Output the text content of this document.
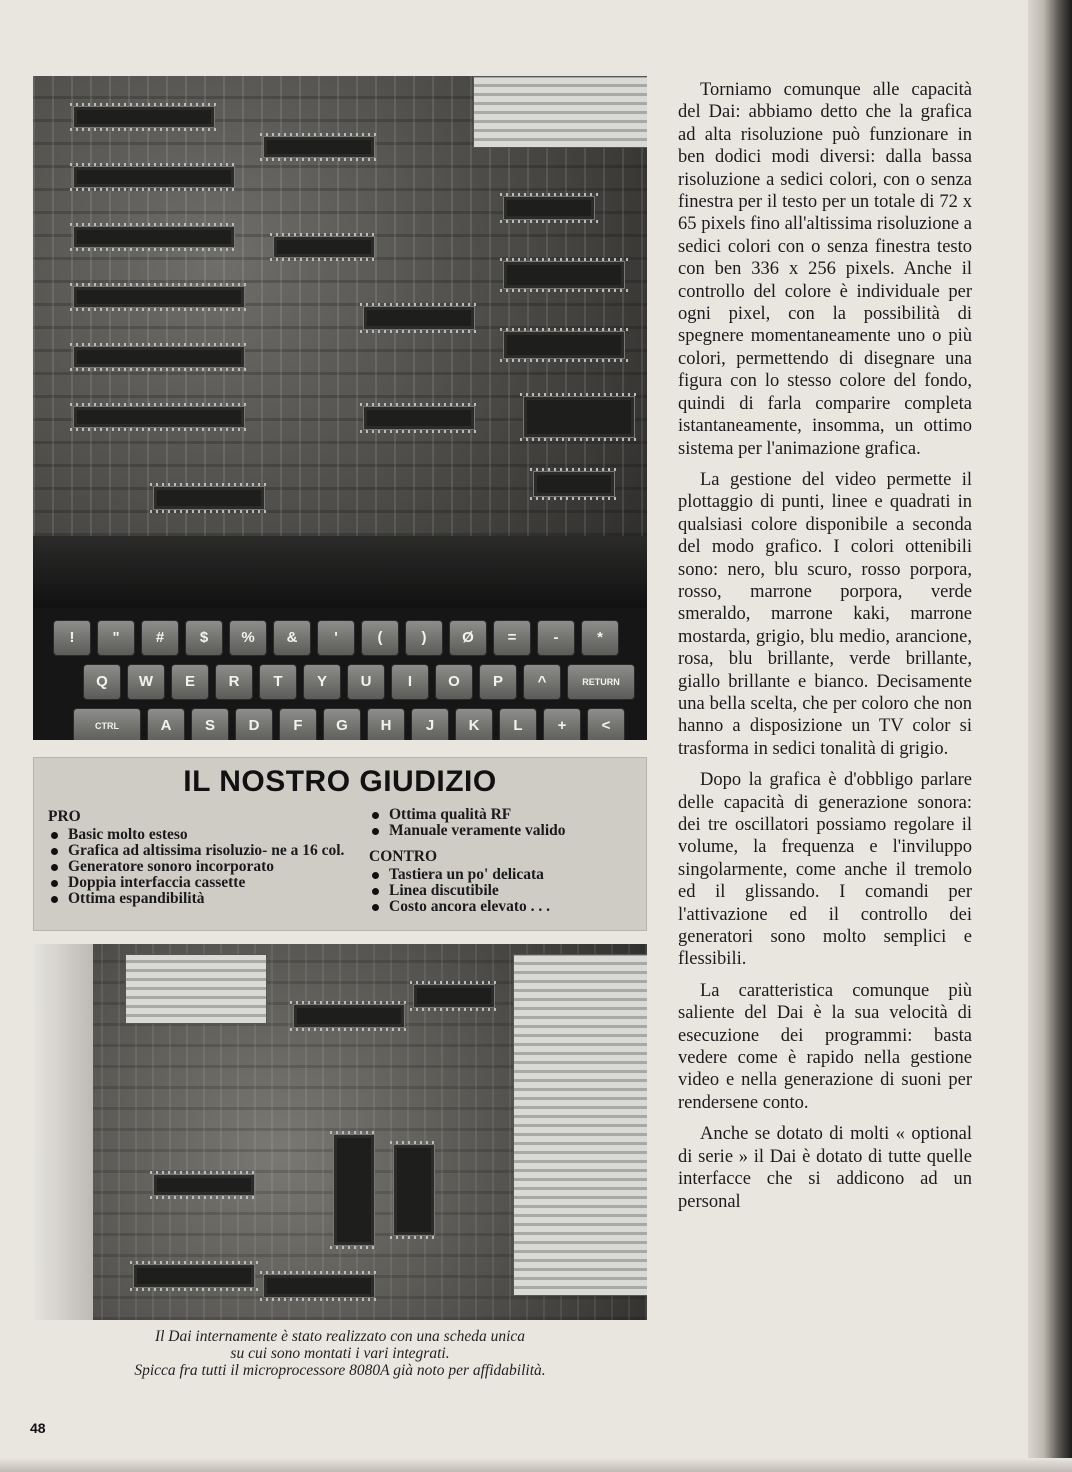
!	"	#	$	%	&	'	(	)	Ø	=	-	*
Q	W	E	R	T	Y	U	I	O	P	^	RETURN
CTRL	A	S	D	F	G	H	J	K	L	+	<
IL NOSTRO GIUDIZIO
PRO
Basic molto esteso
Grafica ad altissima risoluzio- ne a 16 col.
Generatore sonoro incorporato
Doppia interfaccia cassette
Ottima espandibilità
Ottima qualità RF
Manuale veramente valido
CONTRO
Tastiera un po' delicata
Linea discutibile
Costo ancora elevato . . .

Il Dai internamente è stato realizzato con una scheda unica

su cui sono montati i vari integrati.

Spicca fra tutti il microprocessore 8080A già noto per affidabilità.

Torniamo comunque alle capacità del Dai: abbiamo detto che la grafica ad alta risoluzione può funzionare in ben dodici modi diversi: dalla bassa risoluzione a sedici colori, con o senza finestra per il testo per un totale di 72 x 65 pixels fino all'altissima risoluzione a sedici colori con o senza finestra testo con ben 336 x 256 pixels. Anche il controllo del colore è individuale per ogni pixel, con la possibilità di spegnere momentaneamente uno o più colori, permettendo di disegnare una figura con lo stesso colore del fondo, quindi di farla comparire completa istantaneamente, insomma, un ottimo sistema per l'animazione grafica.

La gestione del video permette il plottaggio di punti, linee e quadrati in qualsiasi colore disponibile a seconda del modo grafico. I colori ottenibili sono: nero, blu scuro, rosso porpora, rosso, marrone porpora, verde smeraldo, marrone kaki, marrone mostarda, grigio, blu medio, arancione, rosa, blu brillante, verde brillante, giallo brillante e bianco. Decisamente una bella scelta, che per coloro che non hanno a disposizione un TV color si trasforma in sedici tonalità di grigio.

Dopo la grafica è d'obbligo parlare delle capacità di generazione sonora: dei tre oscillatori possiamo regolare il volume, la frequenza e l'inviluppo singolarmente, come anche il tremolo ed il glissando. I comandi per l'attivazione ed il controllo dei generatori sono molto semplici e flessibili.

La caratteristica comunque più saliente del Dai è la sua velocità di esecuzione dei programmi: basta vedere come è rapido nella gestione video e nella generazione di suoni per rendersene conto.

Anche se dotato di molti « optional di serie » il Dai è dotato di tutte quelle interfacce che si addicono ad un personal

48
